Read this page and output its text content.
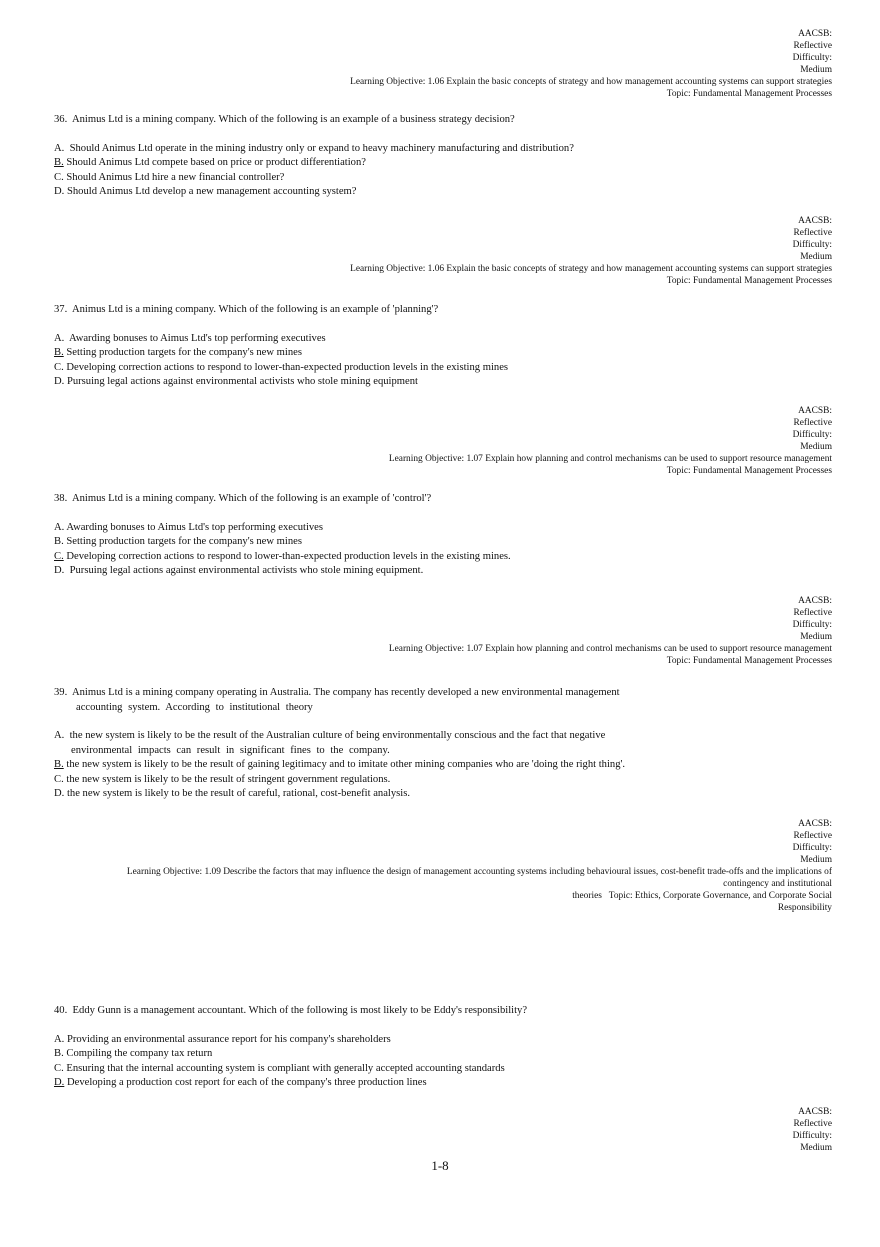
AACSB:
Reflective
Difficulty:
Medium
Learning Objective: 1.06 Explain the basic concepts of strategy and how management accounting systems can support strategies
Topic: Fundamental Management Processes

36. Animus Ltd is a mining company. Which of the following is an example of a business strategy decision?

A. Should Animus Ltd operate in the mining industry only or expand to heavy machinery manufacturing and distribution?

B. Should Animus Ltd compete based on price or product differentiation?

C. Should Animus Ltd hire a new financial controller?

D. Should Animus Ltd develop a new management accounting system?

AACSB:
Reflective
Difficulty:
Medium
Learning Objective: 1.06 Explain the basic concepts of strategy and how management accounting systems can support strategies
Topic: Fundamental Management Processes

37. Animus Ltd is a mining company. Which of the following is an example of 'planning'?

A. Awarding bonuses to Aimus Ltd's top performing executives

B. Setting production targets for the company's new mines

C. Developing correction actions to respond to lower-than-expected production levels in the existing mines

D. Pursuing legal actions against environmental activists who stole mining equipment

AACSB:
Reflective
Difficulty:
Medium
Learning Objective: 1.07 Explain how planning and control mechanisms can be used to support resource management
Topic: Fundamental Management Processes

38. Animus Ltd is a mining company. Which of the following is an example of 'control'?

A. Awarding bonuses to Aimus Ltd's top performing executives

B. Setting production targets for the company's new mines

C. Developing correction actions to respond to lower-than-expected production levels in the existing mines.

D. Pursuing legal actions against environmental activists who stole mining equipment.

AACSB:
Reflective
Difficulty:
Medium
Learning Objective: 1.07 Explain how planning and control mechanisms can be used to support resource management
Topic: Fundamental Management Processes

39. Animus Ltd is a mining company operating in Australia. The company has recently developed a new environmental management
accounting system. According to institutional theory

A. the new system is likely to be the result of the Australian culture of being environmentally conscious and the fact that negative
environmental impacts can result in significant fines to the company.

B. the new system is likely to be the result of gaining legitimacy and to imitate other mining companies who are 'doing the right thing'.

C. the new system is likely to be the result of stringent government regulations.

D. the new system is likely to be the result of careful, rational, cost-benefit analysis.

AACSB:
Reflective
Difficulty:
Medium
Learning Objective: 1.09 Describe the factors that may influence the design of management accounting systems including behavioural issues, cost-benefit trade-offs and the implications of contingency and institutional
theories Topic: Ethics, Corporate Governance, and Corporate Social
Responsibility

40. Eddy Gunn is a management accountant. Which of the following is most likely to be Eddy's responsibility?

A. Providing an environmental assurance report for his company's shareholders

B. Compiling the company tax return

C. Ensuring that the internal accounting system is compliant with generally accepted accounting standards

D. Developing a production cost report for each of the company's three production lines

AACSB:
Reflective
Difficulty:
Medium
1-8
